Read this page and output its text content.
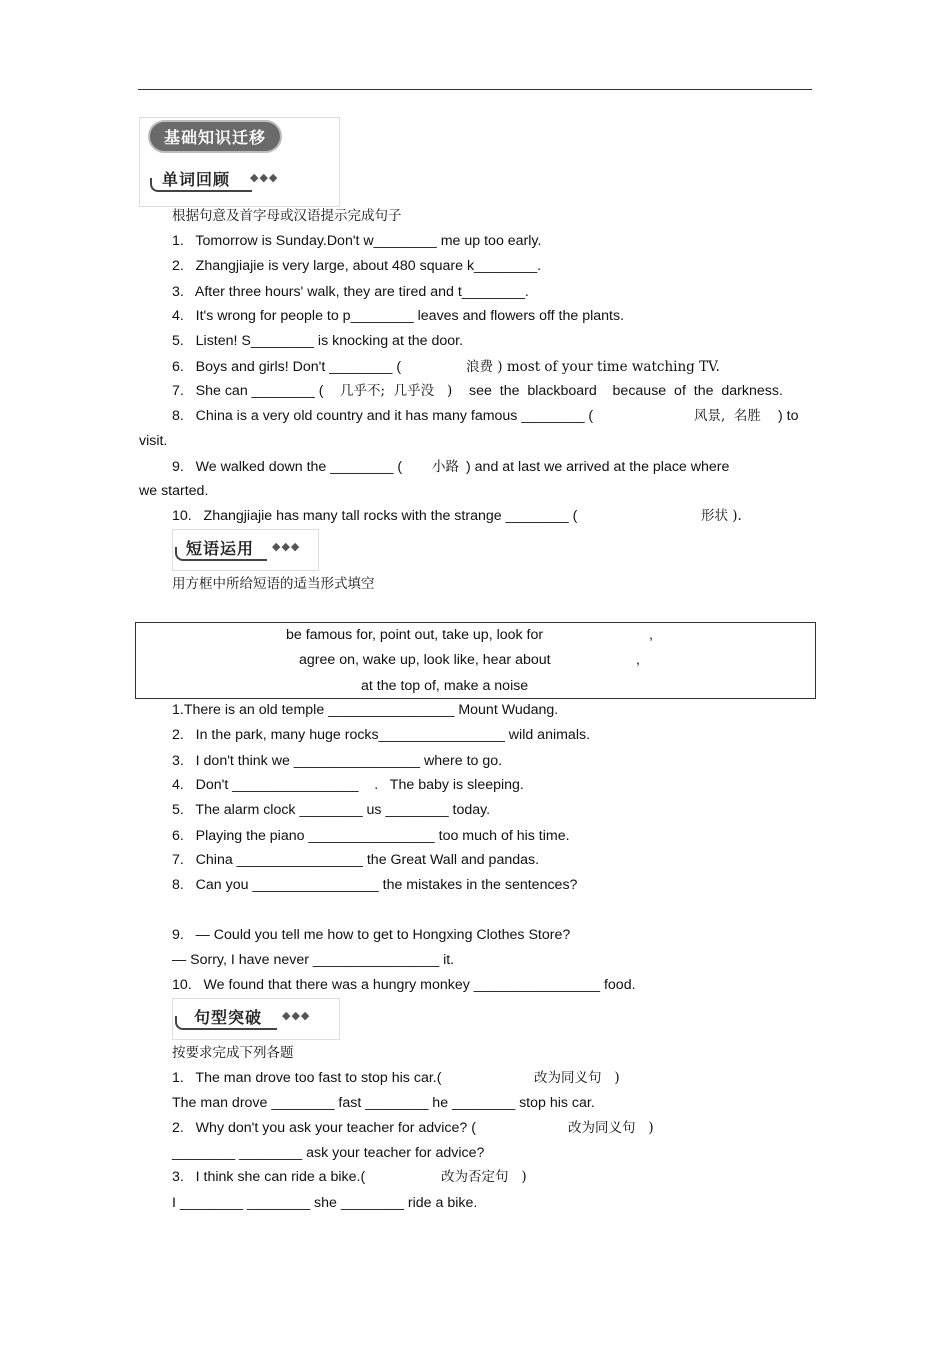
基础知识迁移
单词回顾 ◆◆◆
根据句意及首字母或汉语提示完成句子
1.   Tomorrow is Sunday.Don't w________ me up too early.
2.   Zhangjiajie is very large, about 480 square k________.
3.   After three hours' walk, they are tired and t________.
4.   It's wrong for people to p________ leaves and flowers off the plants.
5.   Listen! S________ is knocking at the door.
6.   Boys and girls! Don't ________ (	浪费 ) most of your time watching TV.
7.   She can ________ ( 几乎不;  几乎没   ) see  the  blackboard    because  of  the  darkness.
8.   China is a very old country and it has many famous ________ (	风景,  名胜 ) to
visit.
9.   We walked down the ________ ( 小路 ) and at last we arrived at the place where
we started.
10.   Zhangjiajie has many tall rocks with the strange ________ (	形状 ).
短语运用 ◆◆◆
用方框中所给短语的适当形式填空
be famous for, point out, take up, look for	,
agree on, wake up, look like, hear about	,
at the top of, make a noise
1.There is an old temple ________________ Mount Wudang.
2.   In the park, many huge rocks________________ wild animals.
3.   I don't think we ________________ where to go.
4.   Don't ________________    .   The baby is sleeping.
5.   The alarm clock ________ us ________ today.
6.   Playing the piano ________________ too much of his time.
7.   China ________________ the Great Wall and pandas.
8.   Can you ________________ the mistakes in the sentences?
9.   — Could you tell me how to get to Hongxing Clothes Store?
— Sorry, I have never ________________ it.
10.   We found that there was a hungry monkey ________________ food.
句型突破 ◆◆◆
按要求完成下列各题
1.   The man drove too fast to stop his car.(	改为同义句   )
The man drove ________ fast ________ he ________ stop his car.
2.   Why don't you ask your teacher for advice? (	改为同义句   )
________ ________ ask your teacher for advice?
3.   I think she can ride a bike.(	改为否定句   )
I ________ ________ she ________ ride a bike.
